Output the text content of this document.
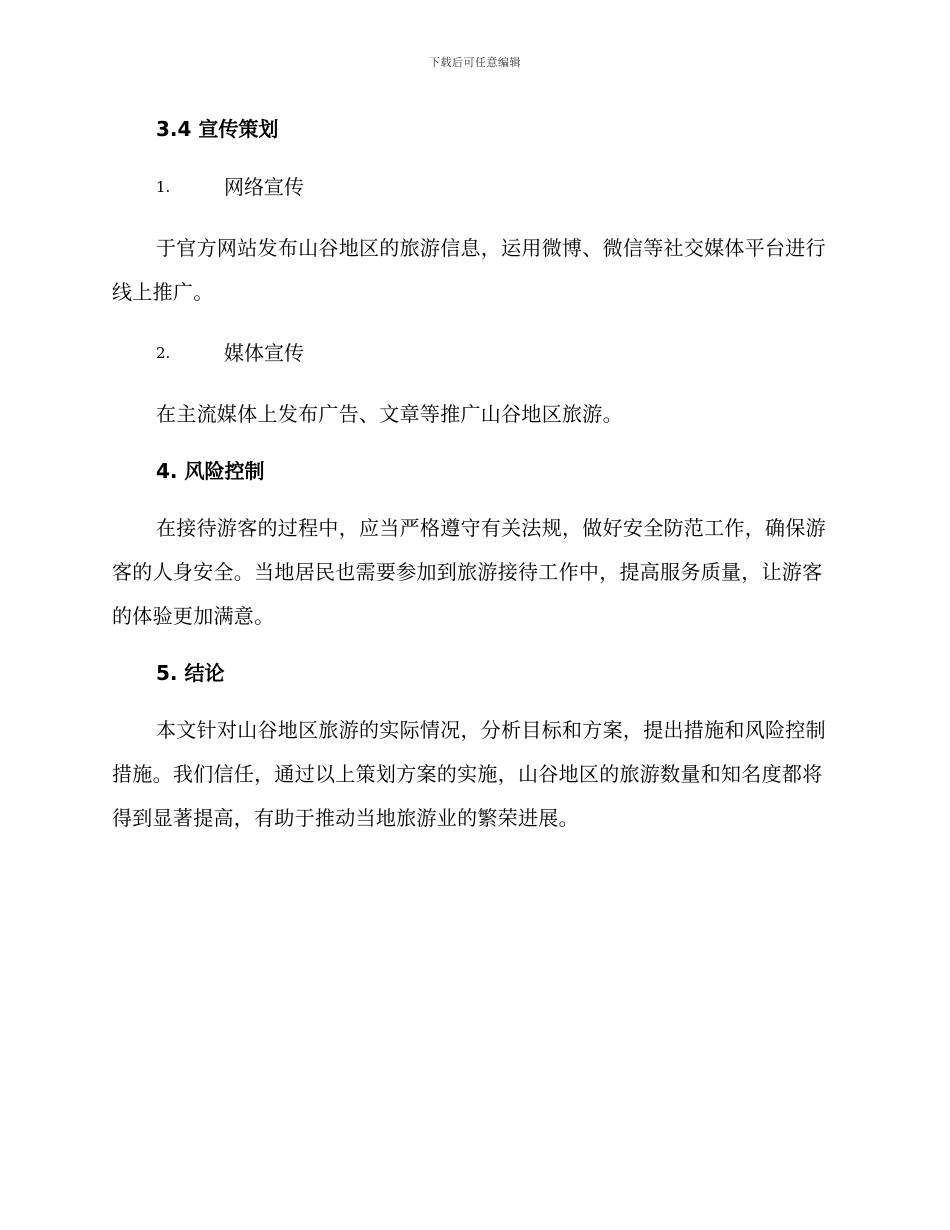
下载后可任意编辑
3.4 宣传策划
1.	网络宣传

于官方网站发布山谷地区的旅游信息，运用微博、微信等社交媒体平台进行线上推广。

2.	媒体宣传

在主流媒体上发布广告、文章等推广山谷地区旅游。

4. 风险控制

在接待游客的过程中，应当严格遵守有关法规，做好安全防范工作，确保游客的人身安全。当地居民也需要参加到旅游接待工作中，提高服务质量，让游客的体验更加满意。

5. 结论

本文针对山谷地区旅游的实际情况，分析目标和方案，提出措施和风险控制措施。我们信任，通过以上策划方案的实施，山谷地区的旅游数量和知名度都将得到显著提高，有助于推动当地旅游业的繁荣进展。
